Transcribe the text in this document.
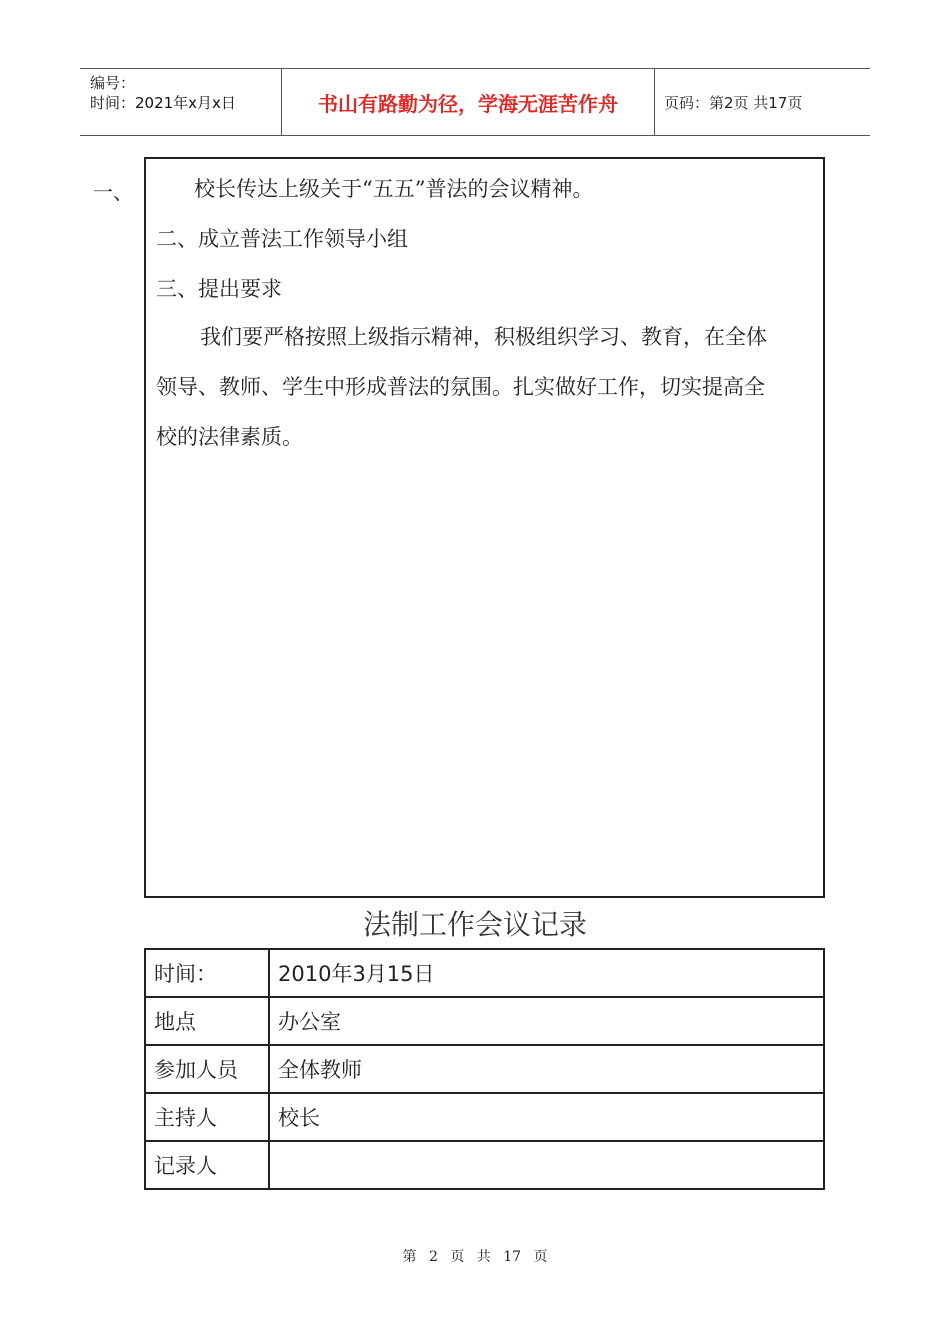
编号：
时间：2021年x月x日	书山有路勤为径，学海无涯苦作舟	页码：第2页 共17页
一、	校长传达上级关于“五五”普法的会议精神。
二、成立普法工作领导小组
三、提出要求
我们要严格按照上级指示精神，积极组织学习、教育，在全体
领导、教师、学生中形成普法的氛围。扎实做好工作，切实提高全
校的法律素质。
法制工作会议记录
时间：	2010年3月15日
地点	办公室
参加人员	全体教师
主持人	校长
记录人	
第 2 页 共 17 页
